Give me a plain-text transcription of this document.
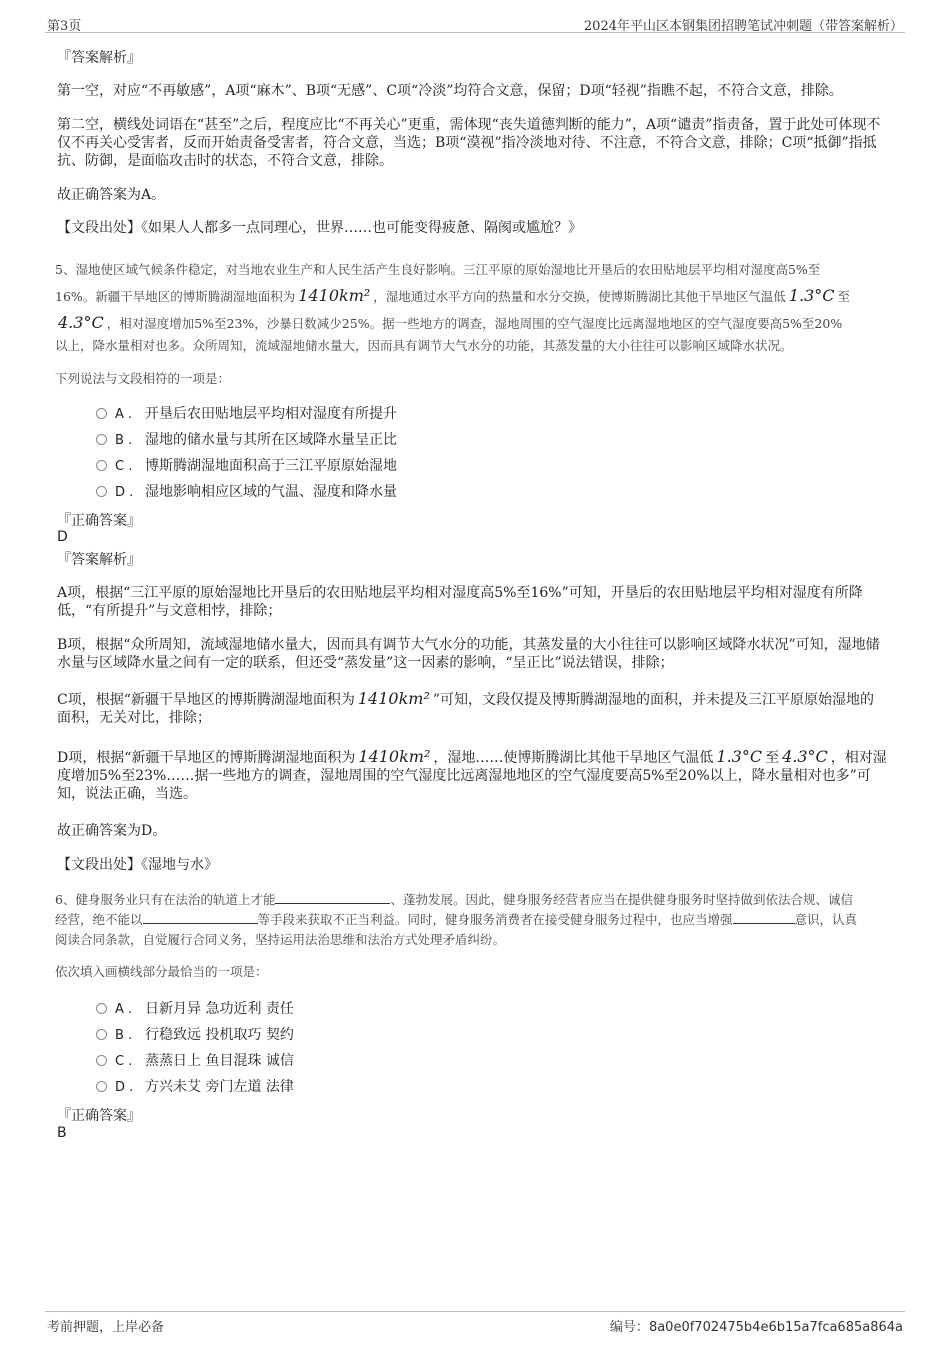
第3页	2024年平山区本钢集团招聘笔试冲刺题（带答案解析）

『答案解析』

第一空，对应“不再敏感”，A项“麻木”、B项“无感”、C项“冷淡”均符合文意，保留；D项“轻视”指瞧不起，不符合文意，排除。

第二空，横线处词语在“甚至”之后，程度应比“不再关心”更重，需体现“丧失道德判断的能力”，A项“谴责”指责备，置于此处可体现不仅不再关心受害者，反而开始责备受害者，符合文意，当选；B项“漠视”指冷淡地对待、不注意，不符合文意，排除；C项“抵御”指抵抗、防御，是面临攻击时的状态，不符合文意，排除。

故正确答案为A。

【文段出处】《如果人人都多一点同理心，世界……也可能变得疲惫、隔阂或尴尬？》

5、湿地使区域气候条件稳定，对当地农业生产和人民生活产生良好影响。三江平原的原始湿地比开垦后的农田贴地层平均相对湿度高5%至

16%。新疆干旱地区的博斯腾湖湿地面积为 1410km² ，湿地通过水平方向的热量和水分交换，使博斯腾湖比其他干旱地区气温低 1.3°C 至

4.3°C ，相对湿度增加5%至23%，沙暴日数减少25%。据一些地方的调查，湿地周围的空气湿度比远离湿地地区的空气湿度要高5%至20%

以上，降水量相对也多。众所周知，流域湿地储水量大，因而具有调节大气水分的功能，其蒸发量的大小往往可以影响区域降水状况。

下列说法与文段相符的一项是：

A . 开垦后农田贴地层平均相对湿度有所提升
B . 湿地的储水量与其所在区域降水量呈正比
C . 博斯腾湖湿地面积高于三江平原原始湿地
D . 湿地影响相应区域的气温、湿度和降水量

『正确答案』

D

『答案解析』

A项，根据“三江平原的原始湿地比开垦后的农田贴地层平均相对湿度高5%至16%”可知，开垦后的农田贴地层平均相对湿度有所降低，“有所提升”与文意相悖，排除；

B项，根据“众所周知，流域湿地储水量大，因而具有调节大气水分的功能，其蒸发量的大小往往可以影响区域降水状况”可知，湿地储水量与区域降水量之间有一定的联系，但还受“蒸发量”这一因素的影响，“呈正比”说法错误，排除；

C项，根据“新疆干旱地区的博斯腾湖湿地面积为 1410km² ”可知，文段仅提及博斯腾湖湿地的面积，并未提及三江平原原始湿地的面积，无关对比，排除；

D项，根据“新疆干旱地区的博斯腾湖湿地面积为 1410km² ，湿地……使博斯腾湖比其他干旱地区气温低 1.3°C 至 4.3°C ，相对湿度增加5%至23%……据一些地方的调查，湿地周围的空气湿度比远离湿地地区的空气湿度要高5%至20%以上，降水量相对也多”可知，说法正确，当选。

故正确答案为D。

【文段出处】《湿地与水》

6、健身服务业只有在法治的轨道上才能	、蓬勃发展。因此，健身服务经营者应当在提供健身服务时坚持做到依法合规、诚信

经营，绝不能以	等手段来获取不正当利益。同时，健身服务消费者在接受健身服务过程中，也应当增强	意识，认真

阅读合同条款，自觉履行合同义务，坚持运用法治思维和法治方式处理矛盾纠纷。

依次填入画横线部分最恰当的一项是：

A . 日新月异 急功近利 责任
B . 行稳致远 投机取巧 契约
C . 蒸蒸日上 鱼目混珠 诚信
D . 方兴未艾 旁门左道 法律

『正确答案』

B
考前押题，上岸必备	编号：8a0e0f702475b4e6b15a7fca685a864a
